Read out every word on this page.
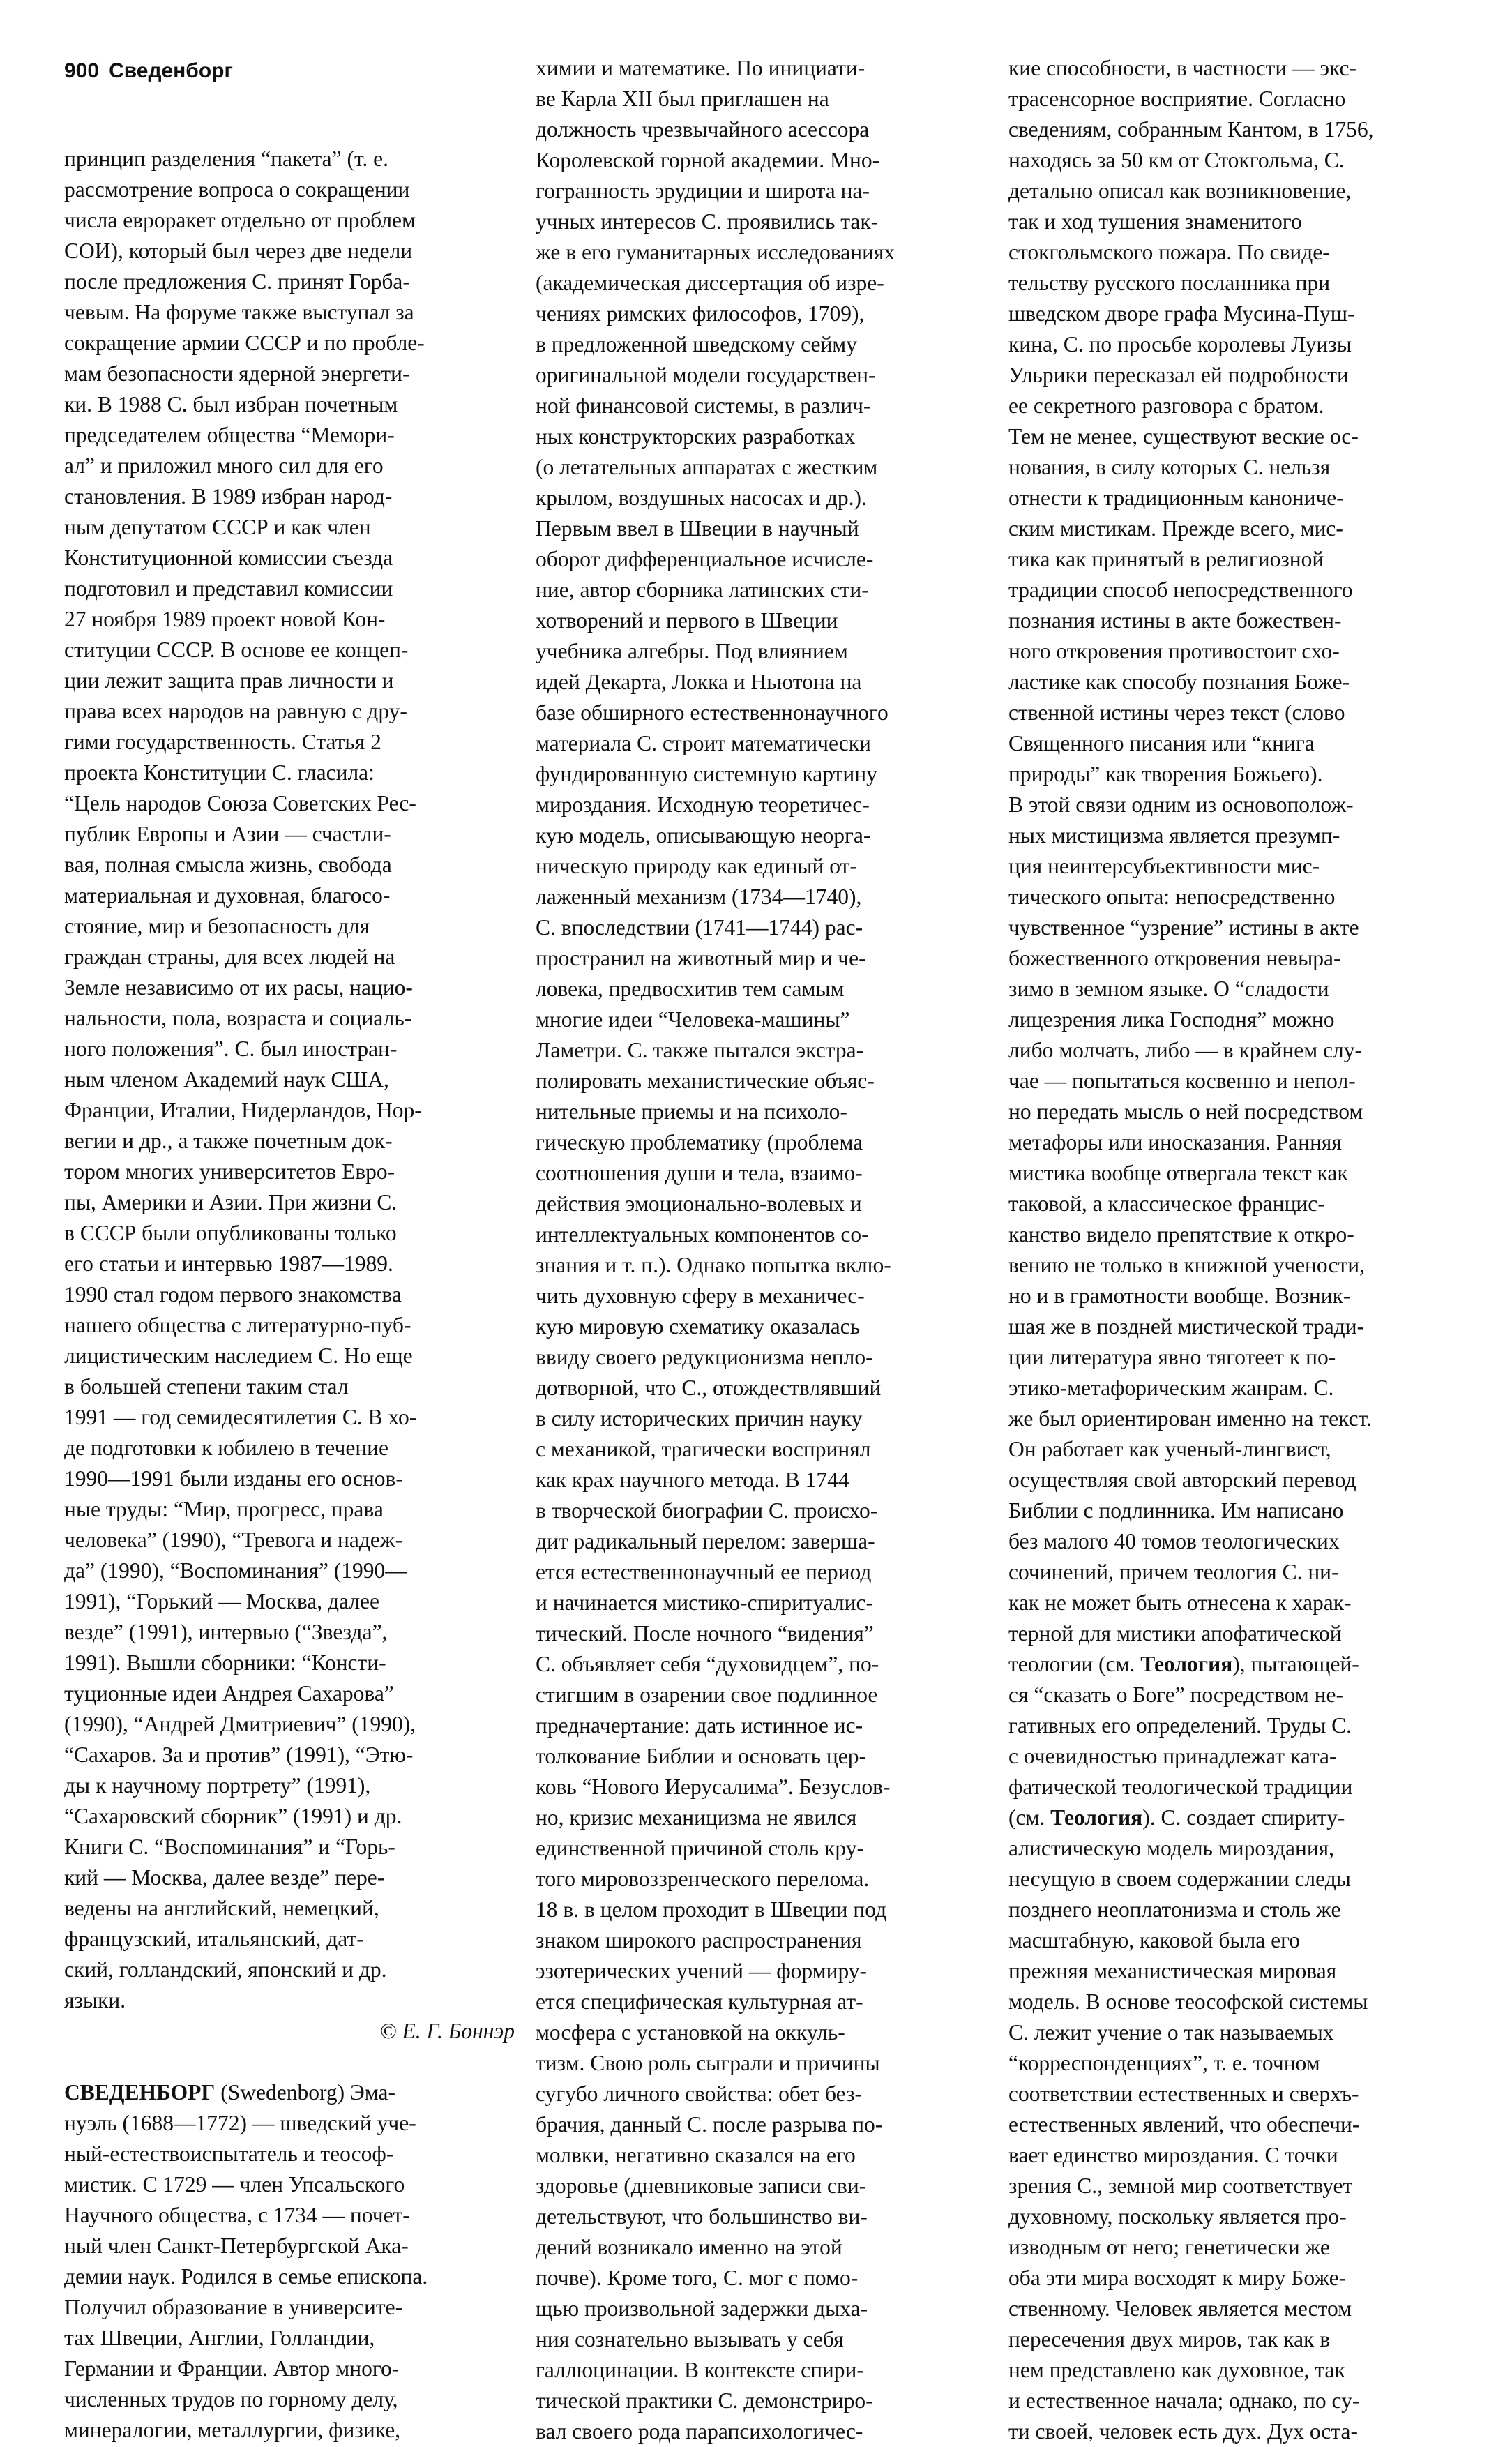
900 Сведенборг
принцип разделения “пакета” (т. е.
рассмотрение вопроса о сокращении
числа евроракет отдельно от проблем
СОИ), который был через две недели
после предложения С. принят Горба-
чевым. На форуме также выступал за
сокращение армии СССР и по пробле-
мам безопасности ядерной энергети-
ки. В 1988 С. был избран почетным
председателем общества “Мемори-
ал” и приложил много сил для его
становления. В 1989 избран народ-
ным депутатом СССР и как член
Конституционной комиссии съезда
подготовил и представил комиссии
27 ноября 1989 проект новой Кон-
ституции СССР. В основе ее концеп-
ции лежит защита прав личности и
права всех народов на равную с дру-
гими государственность. Статья 2
проекта Конституции С. гласила:
“Цель народов Союза Советских Рес-
публик Европы и Азии — счастли-
вая, полная смысла жизнь, свобода
материальная и духовная, благосо-
стояние, мир и безопасность для
граждан страны, для всех людей на
Земле независимо от их расы, нацио-
нальности, пола, возраста и социаль-
ного положения”. С. был иностран-
ным членом Академий наук США,
Франции, Италии, Нидерландов, Нор-
вегии и др., а также почетным док-
тором многих университетов Евро-
пы, Америки и Азии. При жизни С.
в СССР были опубликованы только
его статьи и интервью 1987—1989.
1990 стал годом первого знакомства
нашего общества с литературно-пуб-
лицистическим наследием С. Но еще
в большей степени таким стал
1991 — год семидесятилетия С. В хо-
де подготовки к юбилею в течение
1990—1991 были изданы его основ-
ные труды: “Мир, прогресс, права
человека” (1990), “Тревога и надеж-
да” (1990), “Воспоминания” (1990—
1991), “Горький — Москва, далее
везде” (1991), интервью (“Звезда”,
1991). Вышли сборники: “Консти-
туционные идеи Андрея Сахарова”
(1990), “Андрей Дмитриевич” (1990),
“Сахаров. За и против” (1991), “Этю-
ды к научному портрету” (1991),
“Сахаровский сборник” (1991) и др.
Книги С. “Воспоминания” и “Горь-
кий — Москва, далее везде” пере-
ведены на английский, немецкий,
французский, итальянский, дат-
ский, голландский, японский и др.
языки.
© Е. Г. Боннэр
СВЕДЕНБОРГ (Swedenborg) Эма-
нуэль (1688—1772) — шведский уче-
ный-естествоиспытатель и теософ-
мистик. С 1729 — член Упсальского
Научного общества, с 1734 — почет-
ный член Санкт-Петербургской Ака-
демии наук. Родился в семье епископа.
Получил образование в университе-
тах Швеции, Англии, Голландии,
Германии и Франции. Автор много-
численных трудов по горному делу,
минералогии, металлургии, физике,
химии и математике. По инициати-
ве Карла XII был приглашен на
должность чрезвычайного асессора
Королевской горной академии. Мно-
гогранность эрудиции и широта на-
учных интересов С. проявились так-
же в его гуманитарных исследованиях
(академическая диссертация об изре-
чениях римских философов, 1709),
в предложенной шведскому сейму
оригинальной модели государствен-
ной финансовой системы, в различ-
ных конструкторских разработках
(о летательных аппаратах с жестким
крылом, воздушных насосах и др.).
Первым ввел в Швеции в научный
оборот дифференциальное исчисле-
ние, автор сборника латинских сти-
хотворений и первого в Швеции
учебника алгебры. Под влиянием
идей Декарта, Локка и Ньютона на
базе обширного естественнонаучного
материала С. строит математически
фундированную системную картину
мироздания. Исходную теоретичес-
кую модель, описывающую неорга-
ническую природу как единый от-
лаженный механизм (1734—1740),
С. впоследствии (1741—1744) рас-
пространил на животный мир и че-
ловека, предвосхитив тем самым
многие идеи “Человека-машины”
Ламетри. С. также пытался экстра-
полировать механистические объяс-
нительные приемы и на психоло-
гическую проблематику (проблема
соотношения души и тела, взаимо-
действия эмоционально-волевых и
интеллектуальных компонентов со-
знания и т. п.). Однако попытка вклю-
чить духовную сферу в механичес-
кую мировую схематику оказалась
ввиду своего редукционизма непло-
дотворной, что С., отождествлявший
в силу исторических причин науку
с механикой, трагически воспринял
как крах научного метода. В 1744
в творческой биографии С. происхо-
дит радикальный перелом: заверша-
ется естественнонаучный ее период
и начинается мистико-спиритуалис-
тический. После ночного “видения”
С. объявляет себя “духовидцем”, по-
стигшим в озарении свое подлинное
предначертание: дать истинное ис-
толкование Библии и основать цер-
ковь “Нового Иерусалима”. Безуслов-
но, кризис механицизма не явился
единственной причиной столь кру-
того мировоззренческого перелома.
18 в. в целом проходит в Швеции под
знаком широкого распространения
эзотерических учений — формиру-
ется специфическая культурная ат-
мосфера с установкой на оккуль-
тизм. Свою роль сыграли и причины
сугубо личного свойства: обет без-
брачия, данный С. после разрыва по-
молвки, негативно сказался на его
здоровье (дневниковые записи сви-
детельствуют, что большинство ви-
дений возникало именно на этой
почве). Кроме того, С. мог с помо-
щью произвольной задержки дыха-
ния сознательно вызывать у себя
галлюцинации. В контексте спири-
тической практики С. демонстриро-
вал своего рода парапсихологичес-
кие способности, в частности — экс-
трасенсорное восприятие. Согласно
сведениям, собранным Кантом, в 1756,
находясь за 50 км от Стокгольма, С.
детально описал как возникновение,
так и ход тушения знаменитого
стокгольмского пожара. По свиде-
тельству русского посланника при
шведском дворе графа Мусина-Пуш-
кина, С. по просьбе королевы Луизы
Ульрики пересказал ей подробности
ее секретного разговора с братом.
Тем не менее, существуют веские ос-
нования, в силу которых С. нельзя
отнести к традиционным канониче-
ским мистикам. Прежде всего, мис-
тика как принятый в религиозной
традиции способ непосредственного
познания истины в акте божествен-
ного откровения противостоит схо-
ластике как способу познания Боже-
ственной истины через текст (слово
Священного писания или “книга
природы” как творения Божьего).
В этой связи одним из основополож-
ных мистицизма является презумп-
ция неинтерсубъективности мис-
тического опыта: непосредственно
чувственное “узрение” истины в акте
божественного откровения невыра-
зимо в земном языке. О “сладости
лицезрения лика Господня” можно
либо молчать, либо — в крайнем слу-
чае — попытаться косвенно и непол-
но передать мысль о ней посредством
метафоры или иносказания. Ранняя
мистика вообще отвергала текст как
таковой, а классическое францис-
канство видело препятствие к откро-
вению не только в книжной учености,
но и в грамотности вообще. Возник-
шая же в поздней мистической тради-
ции литература явно тяготеет к по-
этико-метафорическим жанрам. С.
же был ориентирован именно на текст.
Он работает как ученый-лингвист,
осуществляя свой авторский перевод
Библии с подлинника. Им написано
без малого 40 томов теологических
сочинений, причем теология С. ни-
как не может быть отнесена к харак-
терной для мистики апофатической
теологии (см. Теология), пытающей-
ся “сказать о Боге” посредством не-
гативных его определений. Труды С.
с очевидностью принадлежат ката-
фатической теологической традиции
(см. Теология). С. создает спириту-
алистическую модель мироздания,
несущую в своем содержании следы
позднего неоплатонизма и столь же
масштабную, каковой была его
прежняя механистическая мировая
модель. В основе теософской системы
С. лежит учение о так называемых
“корреспонденциях”, т. е. точном
соответствии естественных и сверхъ-
естественных явлений, что обеспечи-
вает единство мироздания. С точки
зрения С., земной мир соответствует
духовному, поскольку является про-
изводным от него; генетически же
оба эти мира восходят к миру Боже-
ственному. Человек является местом
пересечения двух миров, так как в
нем представлено как духовное, так
и естественное начала; однако, по су-
ти своей, человек есть дух. Дух оста-
